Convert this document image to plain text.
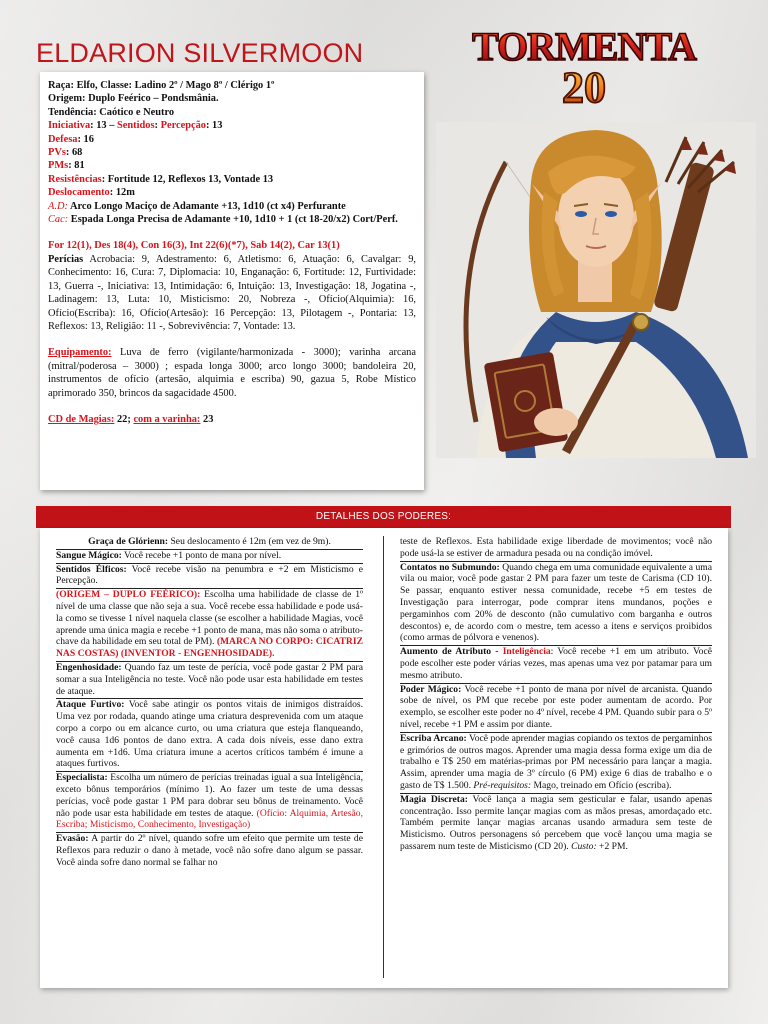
ELDARION SILVERMOON	TORMENTA
20

Raça: Elfo, Classe: Ladino 2º / Mago 8º / Clérigo 1º

Origem: Duplo Feérico – Pondsmânia.

Tendência: Caótico e Neutro

Iniciativa: 13 – Sentidos: Percepção: 13

Defesa: 16

PVs: 68

PMs: 81

Resistências: Fortitude 12, Reflexos 13, Vontade 13

Deslocamento: 12m

A.D: Arco Longo Maciço de Adamante +13, 1d10 (ct x4) Perfurante

Cac: Espada Longa Precisa de Adamante +10, 1d10 + 1 (ct 18-20/x2) Cort/Perf.

For 12(1), Des 18(4), Con 16(3), Int 22(6)(*7), Sab 14(2), Car 13(1)

Perícias Acrobacia: 9, Adestramento: 6, Atletismo: 6, Atuação: 6, Cavalgar: 9, Conhecimento: 16, Cura: 7, Diplomacia: 10, Enganação: 6, Fortitude: 12, Furtividade: 13, Guerra -, Iniciativa: 13, Intimidação: 6, Intuição: 13, Investigação: 18, Jogatina -, Ladinagem: 13, Luta: 10, Misticismo: 20, Nobreza -, Ofício(Alquimia): 16, Ofício(Escriba): 16, Ofício(Artesão): 16 Percepção: 13, Pilotagem -, Pontaria: 13, Reflexos: 13, Religião: 11 -, Sobrevivência: 7, Vontade: 13.

Equipamento: Luva de ferro (vigilante/harmonizada - 3000); varinha arcana (mitral/poderosa – 3000) ; espada longa 3000; arco longo 3000; bandoleira 20, instrumentos de ofício (artesão, alquimia e escriba) 90, gazua 5, Robe Místico aprimorado 350, brincos da sagacidade 4500.

CD de Magias: 22; com a varinha: 23

DETALHES DOS PODERES:

Graça de Glórienn: Seu deslocamento é 12m (em vez de 9m).

Sangue Mágico: Você recebe +1 ponto de mana por nível.

Sentidos Élficos: Você recebe visão na penumbra e +2 em Misticismo e Percepção.

(ORIGEM – DUPLO FEÉRICO): Escolha uma habilidade de classe de 1º nível de uma classe que não seja a sua. Você recebe essa habilidade e pode usá-la como se tivesse 1 nível naquela classe (se escolher a habilidade Magias, você aprende uma única magia e recebe +1 ponto de mana, mas não soma o atributo-chave da habilidade em seu total de PM). (MARCA NO CORPO: CICATRIZ NAS COSTAS) (INVENTOR - ENGENHOSIDADE).

Engenhosidade: Quando faz um teste de perícia, você pode gastar 2 PM para somar a sua Inteligência no teste. Você não pode usar esta habilidade em testes de ataque.

Ataque Furtivo: Você sabe atingir os pontos vitais de inimigos distraídos. Uma vez por rodada, quando atinge uma criatura desprevenida com um ataque corpo a corpo ou em alcance curto, ou uma criatura que esteja flanqueando, você causa 1d6 pontos de dano extra. A cada dois níveis, esse dano extra aumenta em +1d6. Uma criatura imune a acertos críticos também é imune a ataques furtivos.

Especialista: Escolha um número de perícias treinadas igual a sua Inteligência, exceto bônus temporários (mínimo 1). Ao fazer um teste de uma dessas perícias, você pode gastar 1 PM para dobrar seu bônus de treinamento. Você não pode usar esta habilidade em testes de ataque. (Ofício: Alquimia, Artesão, Escriba; Misticismo, Conhecimento, Investigação)

Evasão: A partir do 2º nível, quando sofre um efeito que permite um teste de Reflexos para reduzir o dano à metade, você não sofre dano algum se passar. Você ainda sofre dano normal se falhar no

teste de Reflexos. Esta habilidade exige liberdade de movimentos; você não pode usá-la se estiver de armadura pesada ou na condição imóvel.

Contatos no Submundo: Quando chega em uma comunidade equivalente a uma vila ou maior, você pode gastar 2 PM para fazer um teste de Carisma (CD 10). Se passar, enquanto estiver nessa comunidade, recebe +5 em testes de Investigação para interrogar, pode comprar itens mundanos, poções e pergaminhos com 20% de desconto (não cumulativo com barganha e outros descontos) e, de acordo com o mestre, tem acesso a itens e serviços proibidos (como armas de pólvora e venenos).

Aumento de Atributo - Inteligência: Você recebe +1 em um atributo. Você pode escolher este poder várias vezes, mas apenas uma vez por patamar para um mesmo atributo.

Poder Mágico: Você recebe +1 ponto de mana por nível de arcanista. Quando sobe de nível, os PM que recebe por este poder aumentam de acordo. Por exemplo, se escolher este poder no 4º nível, recebe 4 PM. Quando subir para o 5º nível, recebe +1 PM e assim por diante.

Escriba Arcano: Você pode aprender magias copiando os textos de pergaminhos e grimórios de outros magos. Aprender uma magia dessa forma exige um dia de trabalho e T$ 250 em matérias-primas por PM necessário para lançar a magia. Assim, aprender uma magia de 3º círculo (6 PM) exige 6 dias de trabalho e o gasto de T$ 1.500. Pré-requisitos: Mago, treinado em Ofício (escriba).

Magia Discreta: Você lança a magia sem gesticular e falar, usando apenas concentração. Isso permite lançar magias com as mãos presas, amordaçado etc. Também permite lançar magias arcanas usando armadura sem teste de Misticismo. Outros personagens só percebem que você lançou uma magia se passarem num teste de Misticismo (CD 20). Custo: +2 PM.
